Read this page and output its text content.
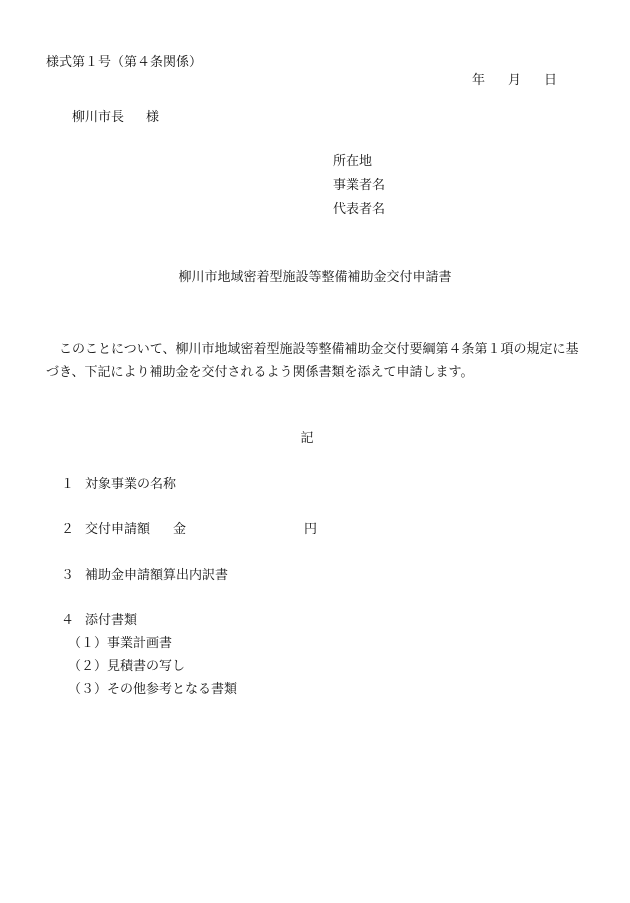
様式第１号（第４条関係）
年 月 日
柳川市長 様
所在地
事業者名
代表者名
柳川市地域密着型施設等整備補助金交付申請書
このことについて、柳川市地域密着型施設等整備補助金交付要綱第４条第１項の規定に基づき、下記により補助金を交付されるよう関係書類を添えて申請します。
記
１ 対象事業の名称
２ 交付申請額 金	円
３ 補助金申請額算出内訳書
４ 添付書類
（１）事業計画書
（２）見積書の写し
（３）その他参考となる書類
